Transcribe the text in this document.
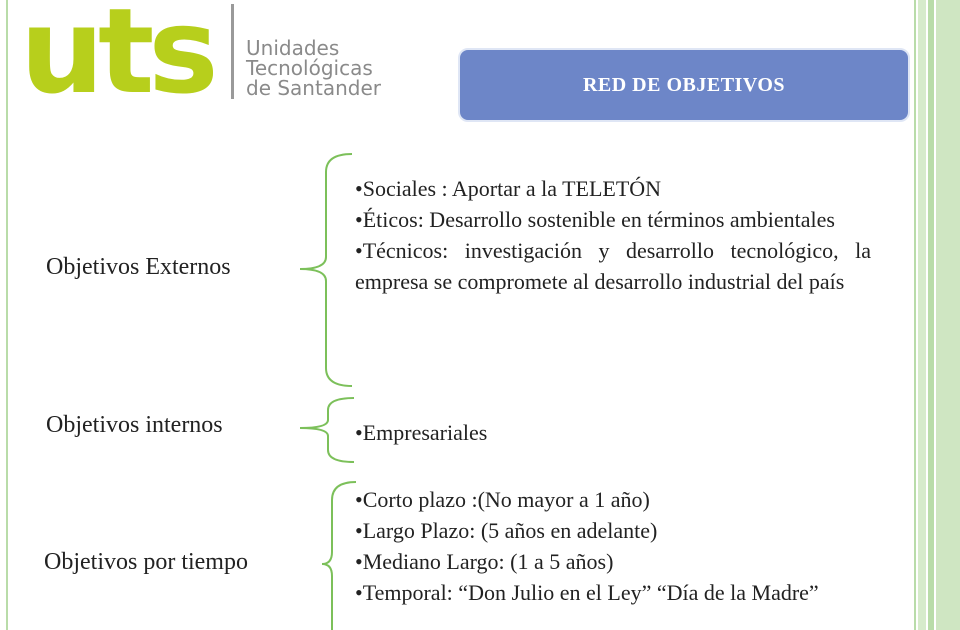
uts Unidades
Tecnológicas
de Santander	RED DE OBJETIVOS
Objetivos Externos
• Sociales : Aportar a la TELETÓN
• Éticos: Desarrollo sostenible en términos ambientales
• Técnicos: investigación y desarrollo tecnológico, la empresa se compromete al desarrollo industrial del país
Objetivos internos
•	Empresariales
Objetivos por tiempo
• Corto plazo :(No mayor a 1 año)
• Largo Plazo: (5 años en adelante)
• Mediano Largo: (1 a 5 años)
• Temporal: “Don Julio en el Ley” “Día de la Madre”
